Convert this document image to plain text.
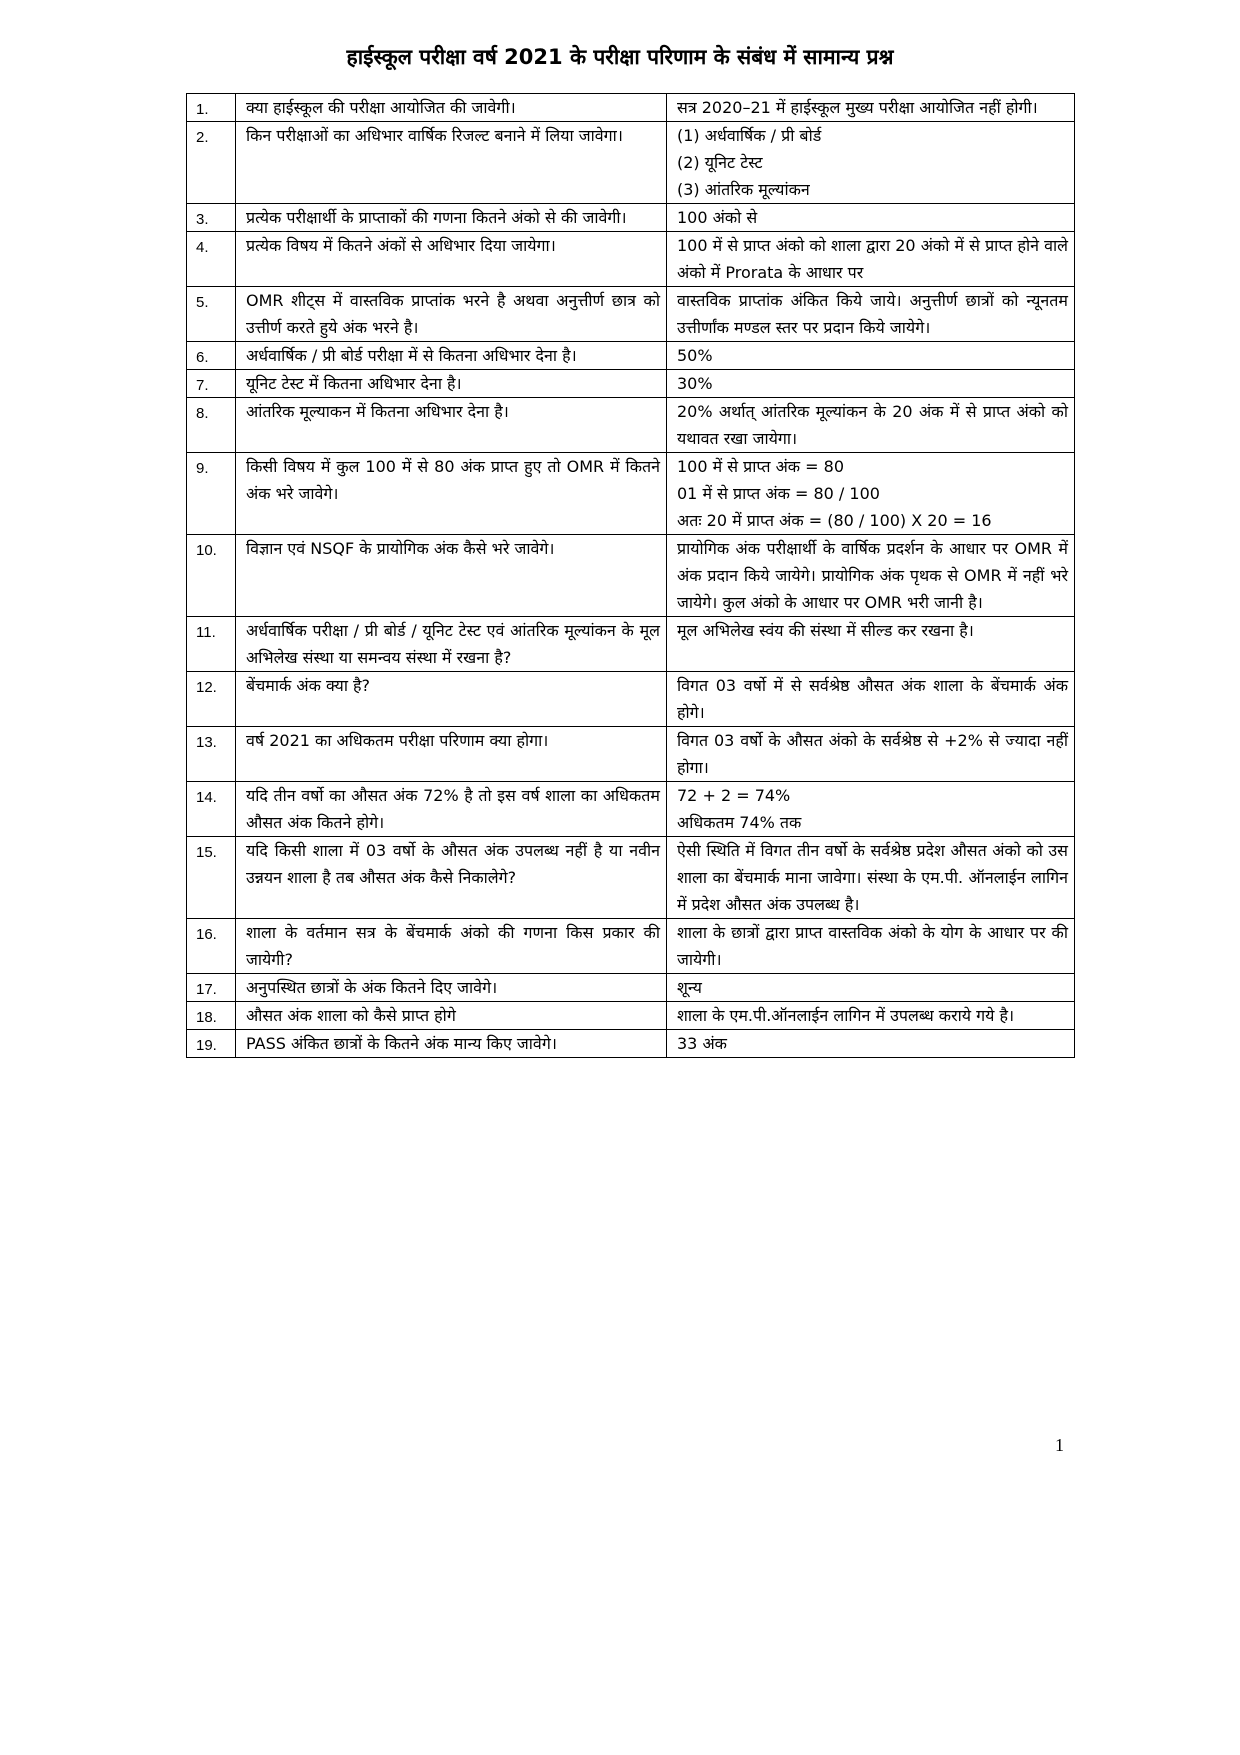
हाईस्कूल परीक्षा वर्ष 2021 के परीक्षा परिणाम के संबंध में सामान्य प्रश्न
1.	क्या हाईस्कूल की परीक्षा आयोजित की जावेगी।	सत्र 2020–21 में हाईस्कूल मुख्य परीक्षा आयोजित नहीं होगी।

2.	किन परीक्षाओं का अधिभार वार्षिक रिजल्ट बनाने में लिया जावेगा।	(1) अर्धवार्षिक / प्री बोर्ड
(2) यूनिट टेस्ट
(3) आंतरिक मूल्यांकन

3.	प्रत्येक परीक्षार्थी के प्राप्ताकों की गणना कितने अंको से की जावेगी।	100 अंको से

4.	प्रत्येक विषय में कितने अंकों से अधिभार दिया जायेगा।	100 में से प्राप्त अंको को शाला द्वारा 20 अंको में से प्राप्त होने वाले अंको में Prorata के आधार पर

5.	OMR शीट्स में वास्तविक प्राप्तांक भरने है अथवा अनुत्तीर्ण छात्र को उत्तीर्ण करते हुये अंक भरने है।	वास्तविक प्राप्तांक अंकित किये जाये। अनुत्तीर्ण छात्रों को न्यूनतम उत्तीर्णांक मण्डल स्तर पर प्रदान किये जायेगे।

6.	अर्धवार्षिक / प्री बोर्ड परीक्षा में से कितना अधिभार देना है।	50%

7.	यूनिट टेस्ट में कितना अधिभार देना है।	30%

8.	आंतरिक मूल्याकन में कितना अधिभार देना है।	20% अर्थात् आंतरिक मूल्यांकन के 20 अंक में से प्राप्त अंको को यथावत रखा जायेगा।

9.	किसी विषय में कुल 100 में से 80 अंक प्राप्त हुए तो OMR में कितने अंक भरे जावेगे।	100 में से प्राप्त अंक = 80
01 में से प्राप्त अंक = 80 / 100
अतः 20 में प्राप्त अंक = (80 / 100) X 20 = 16

10.	विज्ञान एवं NSQF के प्रायोगिक अंक कैसे भरे जावेगे।	प्रायोगिक अंक परीक्षार्थी के वार्षिक प्रदर्शन के आधार पर OMR में अंक प्रदान किये जायेगे। प्रायोगिक अंक पृथक से OMR में नहीं भरे जायेगे। कुल अंको के आधार पर OMR भरी जानी है।

11.	अर्धवार्षिक परीक्षा / प्री बोर्ड / यूनिट टेस्ट एवं आंतरिक मूल्यांकन के मूल अभिलेख संस्था या समन्वय संस्था में रखना है?	मूल अभिलेख स्वंय की संस्था में सील्ड कर रखना है।

12.	बेंचमार्क अंक क्या है?	विगत 03 वर्षो में से सर्वश्रेष्ठ औसत अंक शाला के बेंचमार्क अंक होगे।

13.	वर्ष 2021 का अधिकतम परीक्षा परिणाम क्या होगा।	विगत 03 वर्षो के औसत अंको के सर्वश्रेष्ठ से +2% से ज्यादा नहीं होगा।

14.	यदि तीन वर्षो का औसत अंक 72% है तो इस वर्ष शाला का अधिकतम औसत अंक कितने होगे।	72 + 2 = 74%
अधिकतम 74% तक

15.	यदि किसी शाला में 03 वर्षो के औसत अंक उपलब्ध नहीं है या नवीन उन्नयन शाला है तब औसत अंक कैसे निकालेगे?	ऐसी स्थिति में विगत तीन वर्षो के सर्वश्रेष्ठ प्रदेश औसत अंको को उस शाला का बेंचमार्क माना जावेगा। संस्था के एम.पी. ऑनलाईन लागिन में प्रदेश औसत अंक उपलब्ध है।

16.	शाला के वर्तमान सत्र के बेंचमार्क अंको की गणना किस प्रकार की जायेगी?	शाला के छात्रों द्वारा प्राप्त वास्तविक अंको के योग के आधार पर की जायेगी।

17.	अनुपस्थित छात्रों के अंक कितने दिए जावेगे।	शून्य

18.	औसत अंक शाला को कैसे प्राप्त होगे	शाला के एम.पी.ऑनलाईन लागिन में उपलब्ध कराये गये है।

19.	PASS अंकित छात्रों के कितने अंक मान्य किए जावेगे।	33 अंक
1
